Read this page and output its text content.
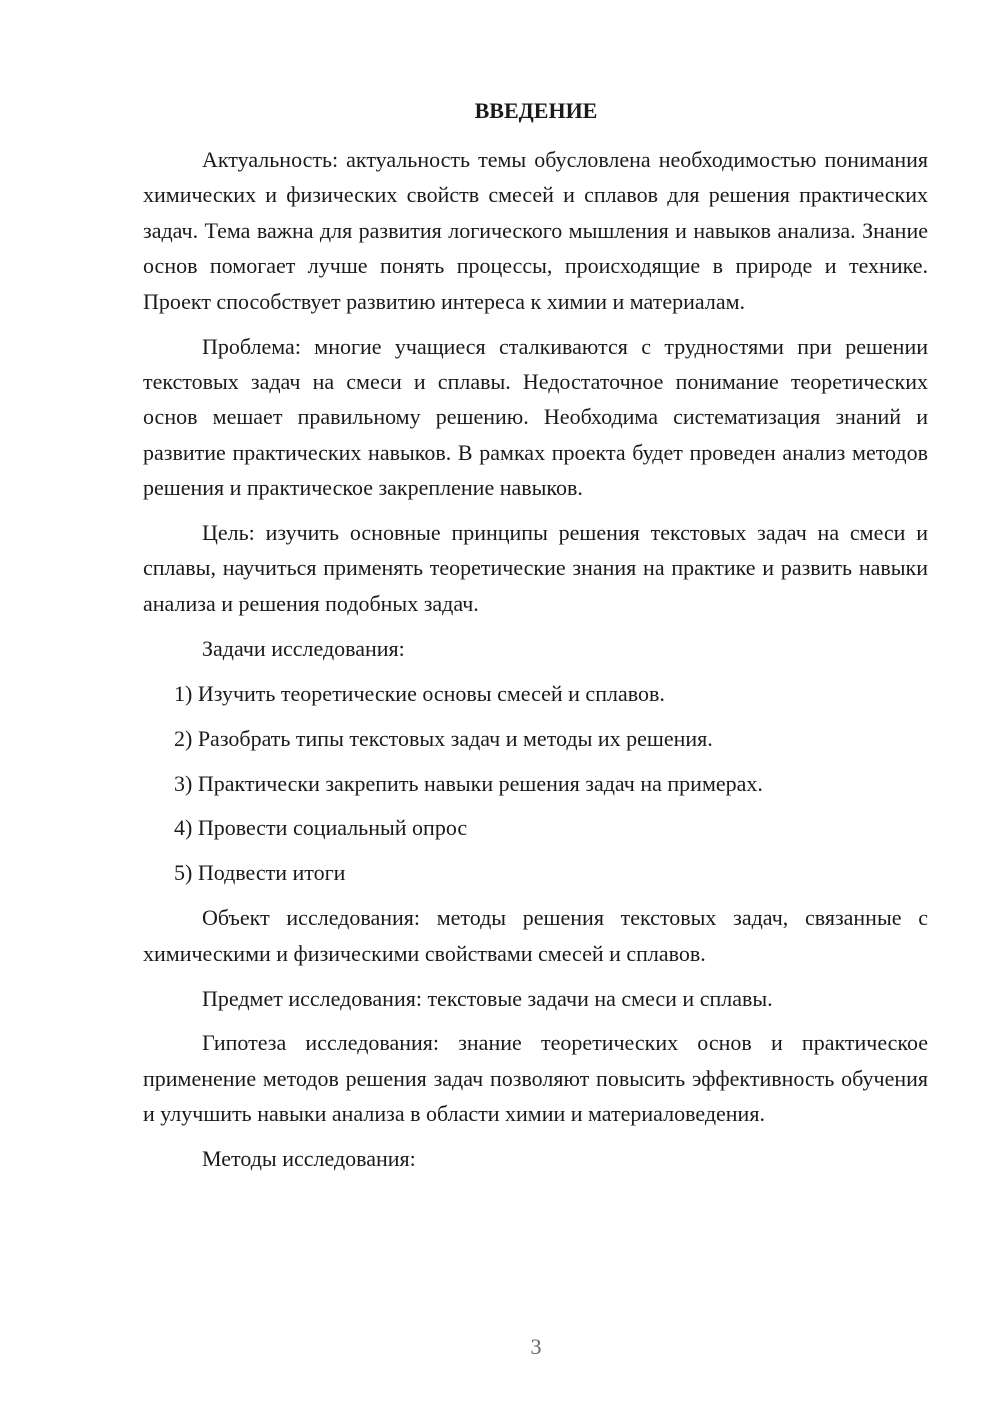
ВВЕДЕНИЕ

Актуальность: актуальность темы обусловлена необходимостью понимания химических и физических свойств смесей и сплавов для решения практических задач. Тема важна для развития логического мышления и навыков анализа. Знание основ помогает лучше понять процессы, происходящие в природе и технике. Проект способствует развитию интереса к химии и материалам.

Проблема: многие учащиеся сталкиваются с трудностями при решении текстовых задач на смеси и сплавы. Недостаточное понимание теоретических основ мешает правильному решению. Необходима систематизация знаний и развитие практических навыков. В рамках проекта будет проведен анализ методов решения и практическое закрепление навыков.

Цель: изучить основные принципы решения текстовых задач на смеси и сплавы, научиться применять теоретические знания на практике и развить навыки анализа и решения подобных задач.

Задачи исследования:

1) Изучить теоретические основы смесей и сплавов.
2) Разобрать типы текстовых задач и методы их решения.
3) Практически закрепить навыки решения задач на примерах.
4) Провести социальный опрос
5) Подвести итоги

Объект исследования: методы решения текстовых задач, связанные с химическими и физическими свойствами смесей и сплавов.

Предмет исследования: текстовые задачи на смеси и сплавы.

Гипотеза исследования: знание теоретических основ и практическое применение методов решения задач позволяют повысить эффективность обучения и улучшить навыки анализа в области химии и материаловедения.

Методы исследования:

3
